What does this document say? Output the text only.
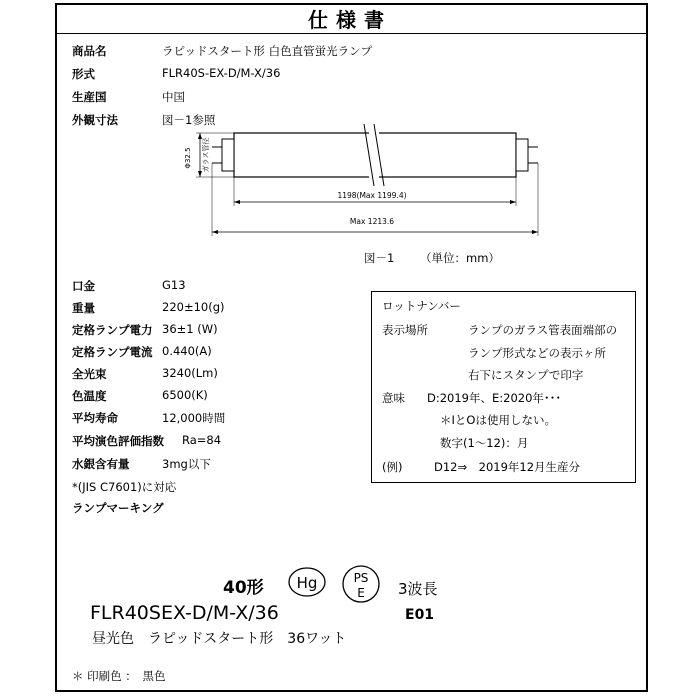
仕様書
商品名	ラピッドスタート形 白色直管蛍光ランプ
形式	FLR40S-EX-D/M-X/36
生産国	中国
外観寸法	図－1参照
Φ32.5 ガラス管径
1198(Max 1199.4)
Max 1213.6
図－1 （単位：mm）
口金	G13
重量	220±10(g)
定格ランプ電力 36±1 (W)
定格ランプ電流 0.440(A)
全光束	3240(Lm)
色温度	6500(K)
平均寿命	12,000時間
平均演色評価指数 Ra=84
水銀含有量	3mg以下
*(JIS C7601)に対応
ランプマーキング
ロットナンバー
表示場所	ランプのガラス管表面端部の
ランプ形式などの表示ヶ所
右下にスタンプで印字
意味 D:2019年、E:2020年･･･
＊IとOは使用しない。
数字(1～12)：月
(例)	D12⇒　2019年12月生産分
40形 Hg	PS
E 3波長
FLR40SEX-D/M-X/36	E01
昼光色　ラピッドスタート形　36ワット
＊ 印刷色 ：　黒色
